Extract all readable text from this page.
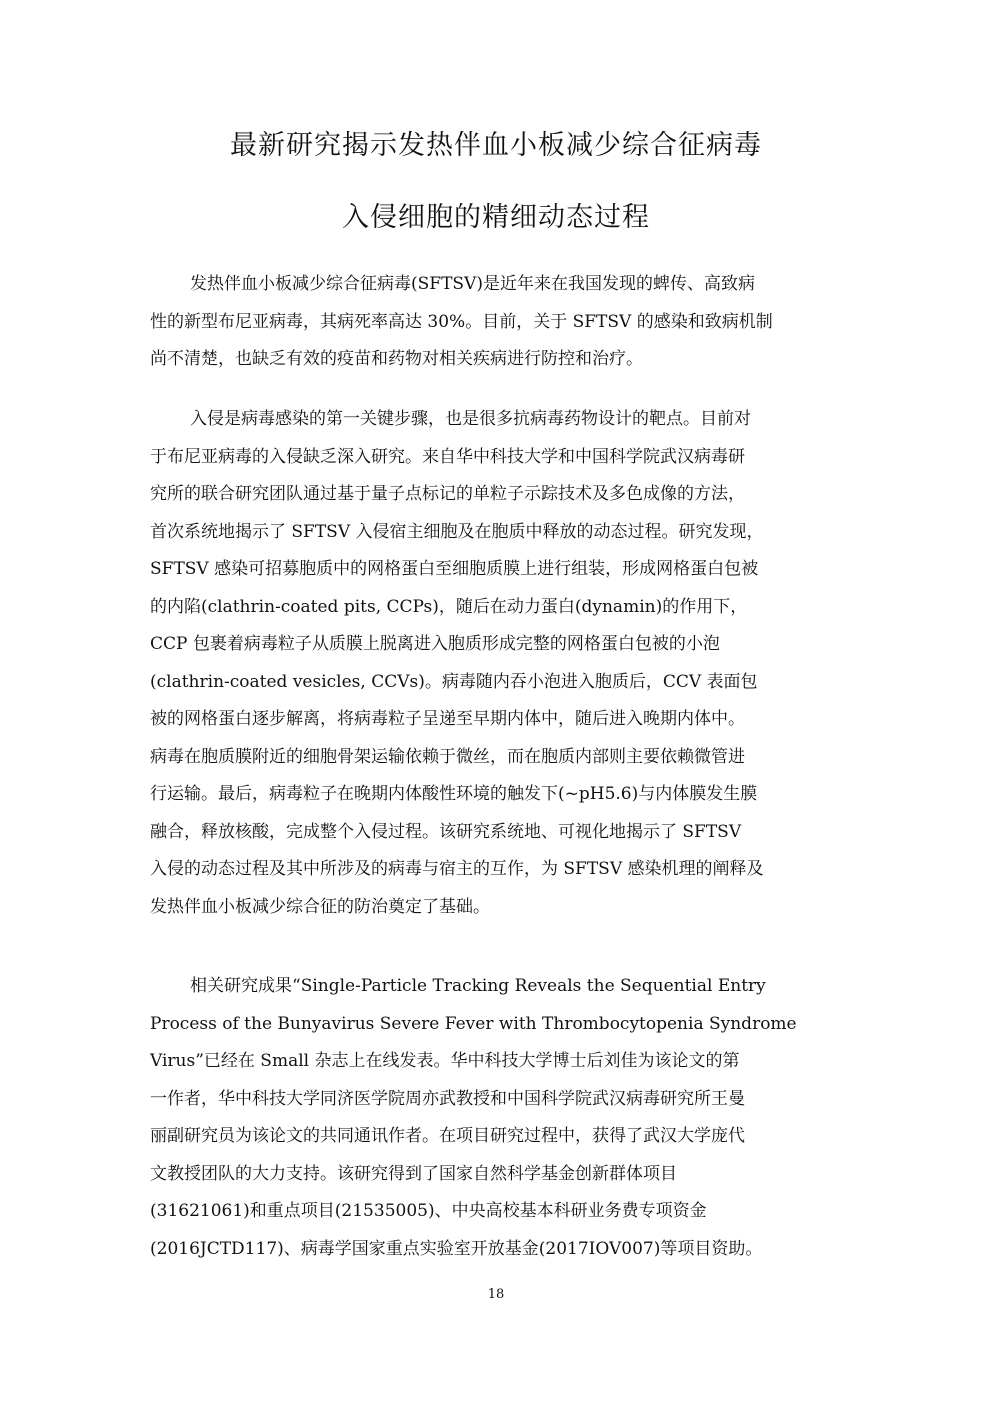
最新研究揭示发热伴血小板减少综合征病毒
入侵细胞的精细动态过程
发热伴血小板减少综合征病毒(SFTSV)是近年来在我国发现的蜱传、高致病
性的新型布尼亚病毒，其病死率高达 30%。目前，关于 SFTSV 的感染和致病机制
尚不清楚，也缺乏有效的疫苗和药物对相关疾病进行防控和治疗。
入侵是病毒感染的第一关键步骤，也是很多抗病毒药物设计的靶点。目前对
于布尼亚病毒的入侵缺乏深入研究。来自华中科技大学和中国科学院武汉病毒研
究所的联合研究团队通过基于量子点标记的单粒子示踪技术及多色成像的方法，
首次系统地揭示了 SFTSV 入侵宿主细胞及在胞质中释放的动态过程。研究发现，
SFTSV 感染可招募胞质中的网格蛋白至细胞质膜上进行组装，形成网格蛋白包被
的内陷(clathrin-coated pits, CCPs)，随后在动力蛋白(dynamin)的作用下，
CCP 包裹着病毒粒子从质膜上脱离进入胞质形成完整的网格蛋白包被的小泡
(clathrin-coated vesicles, CCVs)。病毒随内吞小泡进入胞质后，CCV 表面包
被的网格蛋白逐步解离，将病毒粒子呈递至早期内体中，随后进入晚期内体中。
病毒在胞质膜附近的细胞骨架运输依赖于微丝，而在胞质内部则主要依赖微管进
行运输。最后，病毒粒子在晚期内体酸性环境的触发下(~pH5.6)与内体膜发生膜
融合，释放核酸，完成整个入侵过程。该研究系统地、可视化地揭示了 SFTSV
入侵的动态过程及其中所涉及的病毒与宿主的互作，为 SFTSV 感染机理的阐释及
发热伴血小板减少综合征的防治奠定了基础。
相关研究成果“Single-Particle Tracking Reveals the Sequential Entry
Process of the Bunyavirus Severe Fever with Thrombocytopenia Syndrome
Virus”已经在 Small 杂志上在线发表。华中科技大学博士后刘佳为该论文的第
一作者，华中科技大学同济医学院周亦武教授和中国科学院武汉病毒研究所王曼
丽副研究员为该论文的共同通讯作者。在项目研究过程中，获得了武汉大学庞代
文教授团队的大力支持。该研究得到了国家自然科学基金创新群体项目
(31621061)和重点项目(21535005)、中央高校基本科研业务费专项资金
(2016JCTD117)、病毒学国家重点实验室开放基金(2017IOV007)等项目资助。
18
